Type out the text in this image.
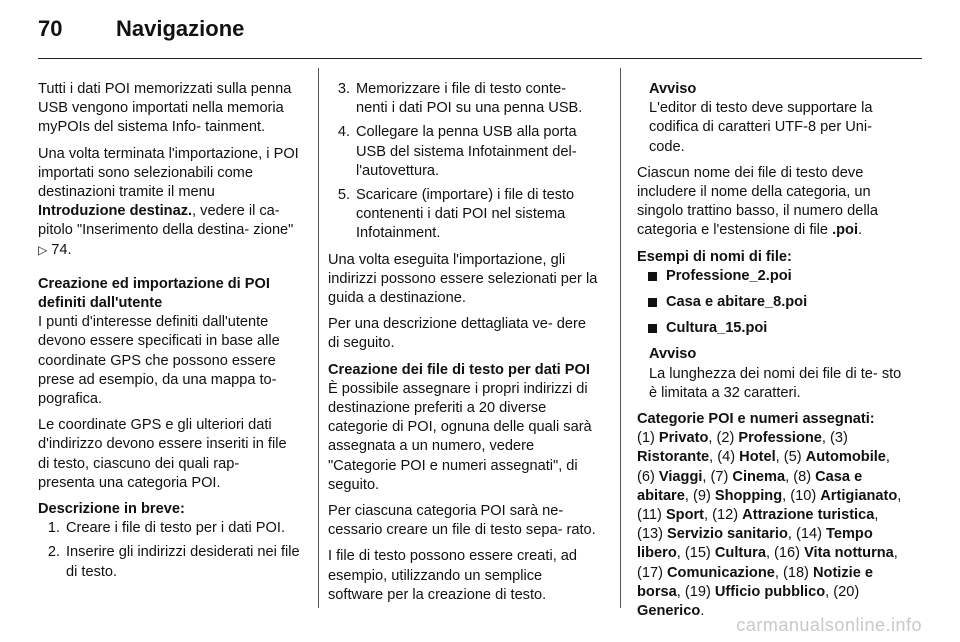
70 Navigazione

Tutti i dati POI memorizzati sulla penna USB vengono importati nella memoria myPOIs del sistema Info- tainment.

Una volta terminata l'importazione, i POI importati sono selezionabili come destinazioni tramite il menu Introduzione destinaz., vedere il ca- pitolo "Inserimento della destina- zione" ▷ 74.

Creazione ed importazione di POI definiti dall'utente

I punti d'interesse definiti dall'utente devono essere specificati in base alle coordinate GPS che possono essere prese ad esempio, da una mappa to- pografica.

Le coordinate GPS e gli ulteriori dati d'indirizzo devono essere inseriti in file di testo, ciascuno dei quali rap- presenta una categoria POI.

Descrizione in breve:

1. Creare i file di testo per i dati POI.
2. Inserire gli indirizzi desiderati nei file di testo.
3. Memorizzare i file di testo conte- nenti i dati POI su una penna USB.
4. Collegare la penna USB alla porta USB del sistema Infotainment del- l'autovettura.
5. Scaricare (importare) i file di testo contenenti i dati POI nel sistema Infotainment.

Una volta eseguita l'importazione, gli indirizzi possono essere selezionati per la guida a destinazione.

Per una descrizione dettagliata ve- dere di seguito.

Creazione dei file di testo per dati POI

È possibile assegnare i propri indirizzi di destinazione preferiti a 20 diverse categorie di POI, ognuna delle quali sarà assegnata a un numero, vedere "Categorie POI e numeri assegnati", di seguito.

Per ciascuna categoria POI sarà ne- cessario creare un file di testo sepa- rato.

I file di testo possono essere creati, ad esempio, utilizzando un semplice software per la creazione di testo.

Avviso
L'editor di testo deve supportare la codifica di caratteri UTF-8 per Uni- code.

Ciascun nome dei file di testo deve includere il nome della categoria, un singolo trattino basso, il numero della categoria e l'estensione di file .poi.

Esempi di nomi di file:

Professione_2.poi
Casa e abitare_8.poi
Cultura_15.poi
Avviso
La lunghezza dei nomi dei file di te- sto è limitata a 32 caratteri.

Categorie POI e numeri assegnati:

(1) Privato, (2) Professione, (3) Ristorante, (4) Hotel, (5) Automobile, (6) Viaggi, (7) Cinema, (8) Casa e abitare, (9) Shopping, (10) Artigianato, (11) Sport, (12) Attrazione turistica, (13) Servizio sanitario, (14) Tempo libero, (15) Cultura, (16) Vita notturna, (17) Comunicazione, (18) Notizie e borsa, (19) Ufficio pubblico, (20) Generico.

carmanualsonline.info
